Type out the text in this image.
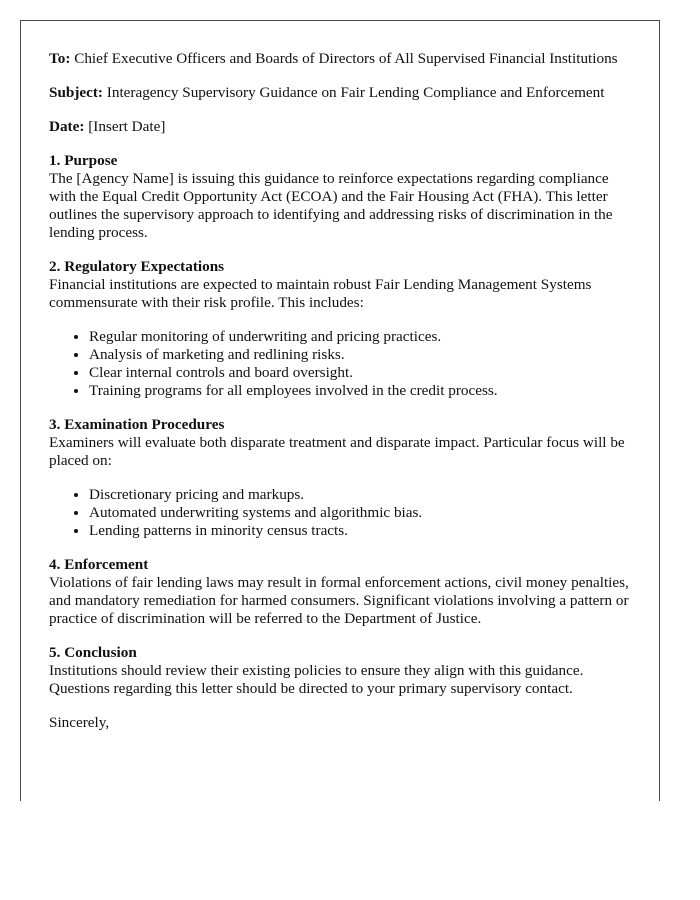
To: Chief Executive Officers and Boards of Directors of All Supervised Financial Institutions

Subject: Interagency Supervisory Guidance on Fair Lending Compliance and Enforcement

Date: [Insert Date]

1. Purpose
The [Agency Name] is issuing this guidance to reinforce expectations regarding compliance with the Equal Credit Opportunity Act (ECOA) and the Fair Housing Act (FHA). This letter outlines the supervisory approach to identifying and addressing risks of discrimination in the lending process.
2. Regulatory Expectations
Financial institutions are expected to maintain robust Fair Lending Management Systems commensurate with their risk profile. This includes:
• Regular monitoring of underwriting and pricing practices.
• Analysis of marketing and redlining risks.
• Clear internal controls and board oversight.
• Training programs for all employees involved in the credit process.
3. Examination Procedures
Examiners will evaluate both disparate treatment and disparate impact. Particular focus will be placed on:
• Discretionary pricing and markups.
• Automated underwriting systems and algorithmic bias.
• Lending patterns in minority census tracts.
4. Enforcement
Violations of fair lending laws may result in formal enforcement actions, civil money penalties, and mandatory remediation for harmed consumers. Significant violations involving a pattern or practice of discrimination will be referred to the Department of Justice.
5. Conclusion
Institutions should review their existing policies to ensure they align with this guidance. Questions regarding this letter should be directed to your primary supervisory contact.

Sincerely,
